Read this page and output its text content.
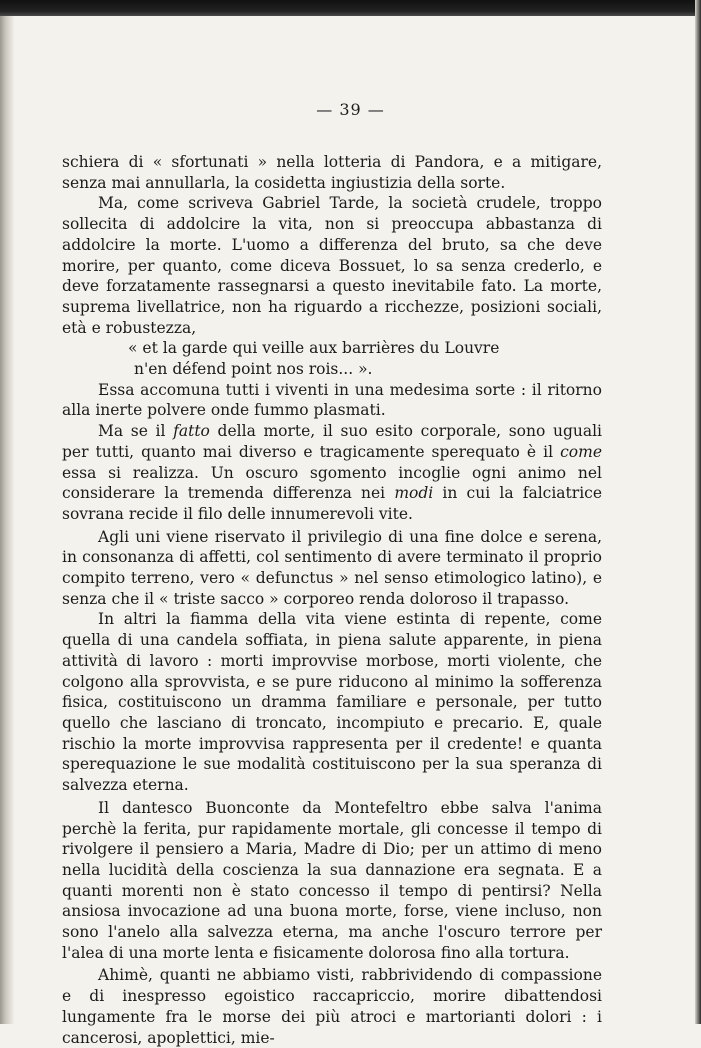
— 39 —

schiera di « sfortunati » nella lotteria di Pandora, e a mitigare, senza mai annullarla, la cosidetta ingiustizia della sorte.

Ma, come scriveva Gabriel Tarde, la società crudele, troppo sollecita di addolcire la vita, non si preoccupa abbastanza di addolcire la morte. L'uomo a differenza del bruto, sa che deve morire, per quanto, come diceva Bossuet, lo sa senza crederlo, e deve forzatamente rassegnarsi a questo inevitabile fato. La morte, suprema livellatrice, non ha riguardo a ricchezze, posizioni sociali, età e robustezza,

« et la garde qui veille aux barrières du Louvre

n'en défend point nos rois... ».

Essa accomuna tutti i viventi in una medesima sorte : il ritorno alla inerte polvere onde fummo plasmati.

Ma se il fatto della morte, il suo esito corporale, sono uguali per tutti, quanto mai diverso e tragicamente sperequato è il come essa si realizza. Un oscuro sgomento incoglie ogni animo nel considerare la tremenda differenza nei modi in cui la falciatrice sovrana recide il filo delle innumerevoli vite.

Agli uni viene riservato il privilegio di una fine dolce e serena, in consonanza di affetti, col sentimento di avere terminato il proprio compito terreno, vero « defunctus » nel senso etimologico latino), e senza che il « triste sacco » corporeo renda doloroso il trapasso.

In altri la fiamma della vita viene estinta di repente, come quella di una candela soffiata, in piena salute apparente, in piena attività di lavoro : morti improvvise morbose, morti violente, che colgono alla sprovvista, e se pure riducono al minimo la sofferenza fisica, costituiscono un dramma familiare e personale, per tutto quello che lasciano di troncato, incompiuto e precario. E, quale rischio la morte improvvisa rappresenta per il credente! e quanta sperequazione le sue modalità costituiscono per la sua speranza di salvezza eterna.

Il dantesco Buonconte da Montefeltro ebbe salva l'anima perchè la ferita, pur rapidamente mortale, gli concesse il tempo di rivolgere il pensiero a Maria, Madre di Dio; per un attimo di meno nella lucidità della coscienza la sua dannazione era segnata. E a quanti morenti non è stato concesso il tempo di pentirsi? Nella ansiosa invocazione ad una buona morte, forse, viene incluso, non sono l'anelo alla salvezza eterna, ma anche l'oscuro terrore per l'alea di una morte lenta e fisicamente dolorosa fino alla tortura.

Ahimè, quanti ne abbiamo visti, rabbrividendo di compassione e di inespresso egoistico raccapriccio, morire dibattendosi lungamente fra le morse dei più atroci e martorianti dolori : i cancerosi, apoplettici, mie-
